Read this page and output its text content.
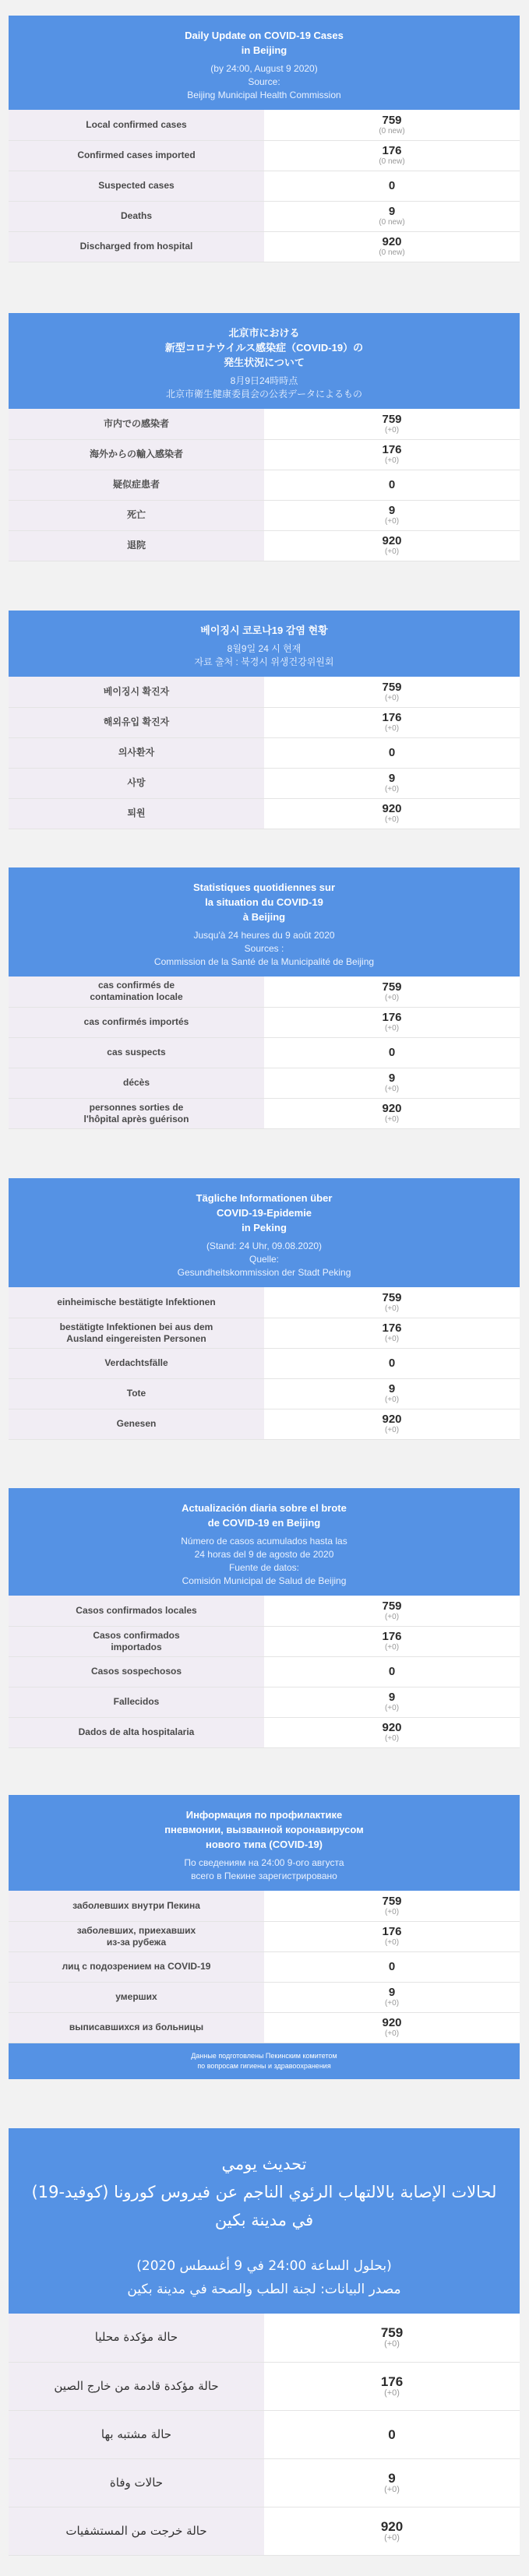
Daily Update on COVID-19 Cases
in Beijing
(by 24:00, August 9 2020)
Source:
Beijing Municipal Health Commission
Local confirmed cases	759
(0 new)

Confirmed cases imported	176
(0 new)

Suspected cases	0

Deaths	9
(0 new)

Discharged from hospital	920
(0 new)
北京市における
新型コロナウイルス感染症（COVID-19）の
発生状況について
8月9日24時時点
北京市衛生健康委員会の公表データによるもの
市内での感染者	759
(+0)

海外からの輸入感染者	176
(+0)

疑似症患者	0

死亡	9
(+0)

退院	920
(+0)
베이징시 코로나19 감염 현황
8월9일 24 시 현재
자료 출처 : 북경시 위생건강위원회
베이징시 확진자	759
(+0)

해외유입 확진자	176
(+0)

의사환자	0

사망	9
(+0)

퇴원	920
(+0)
Statistiques quotidiennes sur
la situation du COVID-19
à Beijing
Jusqu'à 24 heures du 9 août 2020
Sources :
Commission de la Santé de la Municipalité de Beijing
cas confirmés de
contamination locale	759
(+0)

cas confirmés importés	176
(+0)

cas suspects	0

décès	9
(+0)

personnes sorties de
l'hôpital après guérison	920
(+0)
Tägliche Informationen über
COVID-19-Epidemie
in Peking
(Stand: 24 Uhr, 09.08.2020)
Quelle:
Gesundheitskommission der Stadt Peking
einheimische bestätigte Infektionen	759
(+0)

bestätigte Infektionen bei aus dem
Ausland eingereisten Personen	176
(+0)

Verdachtsfälle	0

Tote	9
(+0)

Genesen	920
(+0)
Actualización diaria sobre el brote
de COVID-19 en Beijing
Número de casos acumulados hasta las
24 horas del 9 de agosto de 2020
Fuente de datos:
Comisión Municipal de Salud de Beijing
Casos confirmados locales	759
(+0)

Casos confirmados
importados	176
(+0)

Casos sospechosos	0

Fallecidos	9
(+0)

Dados de alta hospitalaria	920
(+0)
Информация по профилактике
пневмонии, вызванной коронавирусом
нового типа (COVID-19)
По сведениям на 24:00 9-ого августа
всего в Пекине зарегистрировано
заболевших внутри Пекина	759
(+0)

заболевших, приехавших
из-за рубежа	176
(+0)

лиц с подозрением на COVID-19	0

умерших	9
(+0)

выписавшихся из больницы	920
(+0)
Данные подготовлены Пекинским комитетом
по вопросам гигиены и здравоохранения
تحديث يومي
لحالات الإصابة بالالتهاب الرئوي الناجم عن فيروس كورونا (كوفيد-19)
في مدينة بكين
(بحلول الساعة 24:00 في 9 أغسطس 2020)
مصدر البيانات: لجنة الطب والصحة في مدينة بكين
حالة مؤكدة محليا	759
(+0)

حالة مؤكدة قادمة من خارج الصين	176
(+0)

حالة مشتبه بها	0

حالات وفاة	9
(+0)

حالة خرجت من المستشفيات	920
(+0)
